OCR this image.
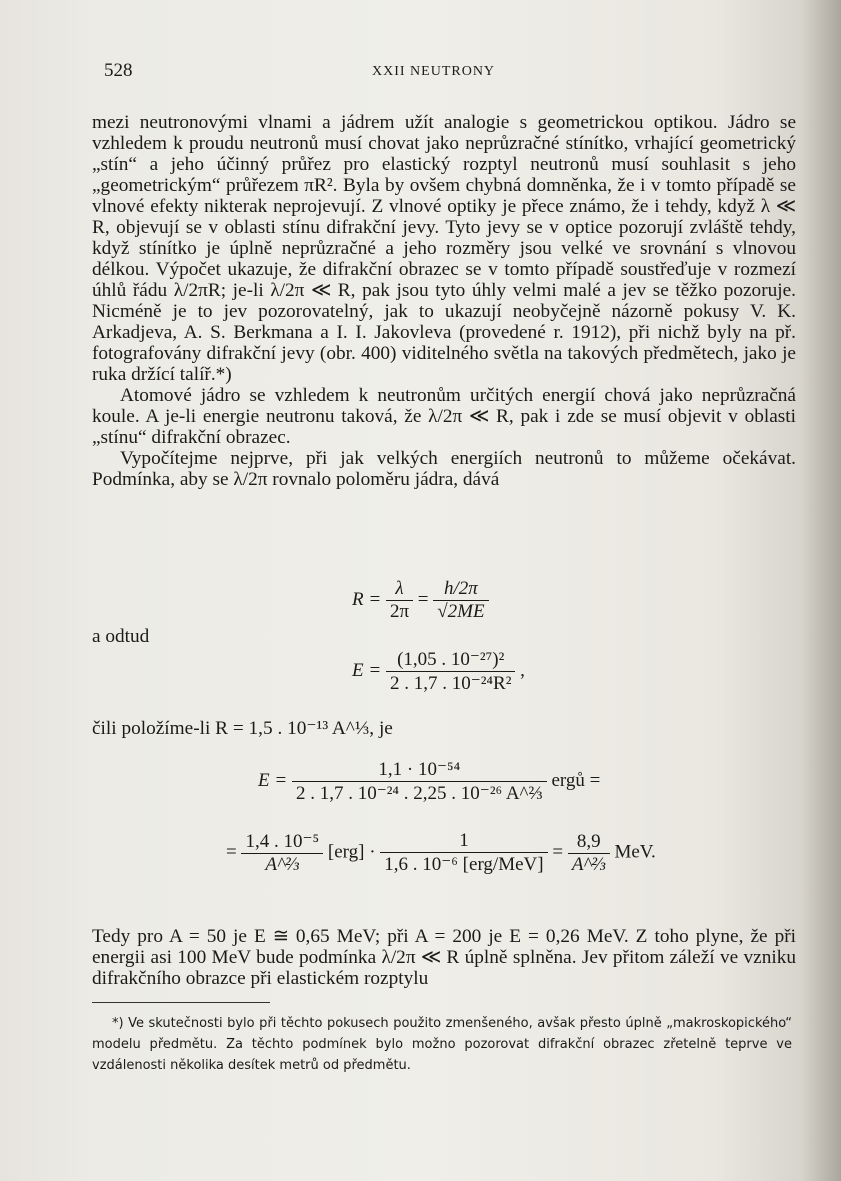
528	XXII NEUTRONY

mezi neutronovými vlnami a jádrem užít analogie s geometrickou optikou. Jádro se vzhledem k proudu neutronů musí chovat jako neprůzračné stínítko, vrhající geometrický „stín“ a jeho účinný průřez pro elastický rozptyl neutronů musí souhlasit s jeho „geometrickým“ průřezem πR². Byla by ovšem chybná domněnka, že i v tomto případě se vlnové efekty nikterak neprojevují. Z vlnové optiky je přece známo, že i tehdy, když λ ≪ R, objevují se v oblasti stínu difrakční jevy. Tyto jevy se v optice pozorují zvláště tehdy, když stínítko je úplně neprůzračné a jeho rozměry jsou velké ve srovnání s vlnovou délkou. Výpočet ukazuje, že difrakční obrazec se v tomto případě soustřeďuje v rozmezí úhlů řádu λ/2πR; je-li λ/2π ≪ R, pak jsou tyto úhly velmi malé a jev se těžko pozoruje. Nicméně je to jev pozorovatelný, jak to ukazují neobyčejně názorně pokusy V. K. Arkadjeva, A. S. Berkmana a I. I. Jakovleva (provedené r. 1912), při nichž byly na př. fotografovány difrakční jevy (obr. 400) viditelného světla na takových předmětech, jako je ruka držící talíř.*)

Atomové jádro se vzhledem k neutronům určitých energií chová jako neprůzračná koule. A je-li energie neutronu taková, že λ/2π ≪ R, pak i zde se musí objevit v oblasti „stínu“ difrakční obrazec.

Vypočítejme nejprve, při jak velkých energiích neutronů to můžeme očekávat. Podmínka, aby se λ/2π rovnalo poloměru jádra, dává

$R = \frac{\lambda}{2\pi} = \frac{h/2\pi}{√2ME}$

a odtud

$E = \frac{\text{(1,05 . 10⁻²⁷)²}}{\text{2 . 1,7 . 10⁻²⁴R²}}$ ,

čili položíme-li R = 1,5 . 10⁻¹³ A^⅓, je

$E = \frac{\text{1,1 · 10⁻⁵⁴}}{\text{2 . 1,7 . 10⁻²⁴ . 2,25 . 10⁻²⁶ A\textasciicircum{}⅔}}$ ergů =
= $\frac{\text{1,4 . 10⁻⁵}}{\text{A\textasciicircum{}⅔}} [erg] \cdot \frac{1}{\text{1,6 . 10⁻⁶ [erg/MeV]}} = \frac{8,9}{\text{A\textasciicircum{}⅔}}$ MeV.

Tedy pro A = 50 je E ≅ 0,65 MeV; při A = 200 je E = 0,26 MeV. Z toho plyne, že při energii asi 100 MeV bude podmínka λ/2π ≪ R úplně splněna. Jev přitom záleží ve vzniku difrakčního obrazce při elastickém rozptylu

*) Ve skutečnosti bylo při těchto pokusech použito zmenšeného, avšak přesto úplně „makroskopického“ modelu předmětu. Za těchto podmínek bylo možno pozorovat difrakční obrazec zřetelně teprve ve vzdálenosti několika desítek metrů od předmětu.
